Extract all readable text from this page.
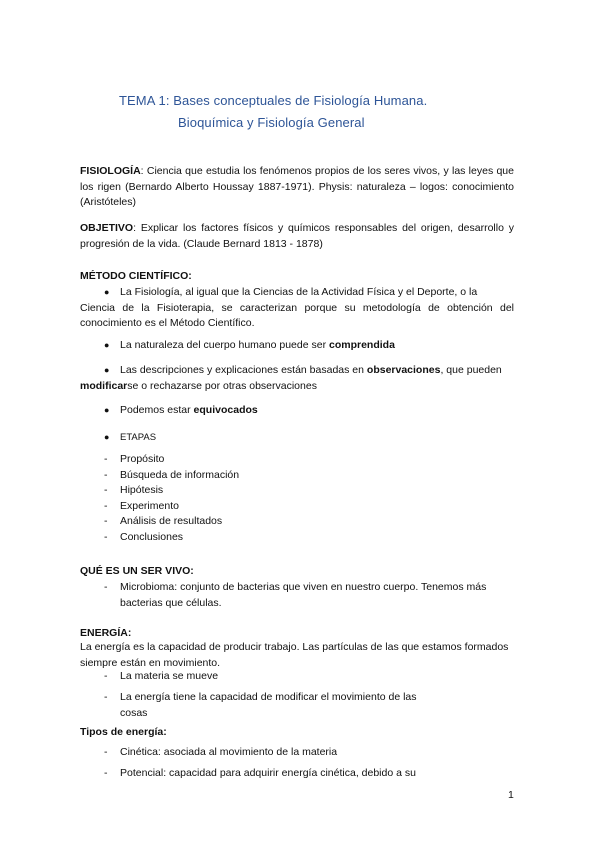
TEMA 1: Bases conceptuales de Fisiología Humana.
Bioquímica y Fisiología General
FISIOLOGÍA: Ciencia que estudia los fenómenos propios de los seres vivos, y las leyes que los rigen (Bernardo Alberto Houssay 1887-1971). Physis: naturaleza – logos: conocimiento (Aristóteles)
OBJETIVO: Explicar los factores físicos y químicos responsables del origen, desarrollo y progresión de la vida. (Claude Bernard 1813 - 1878)
MÉTODO CIENTÍFICO:
● La Fisiología, al igual que la Ciencias de la Actividad Física y el Deporte, o la
Ciencia de la Fisioterapia, se caracterizan porque su metodología de obtención del conocimiento es el Método Científico.
● La naturaleza del cuerpo humano puede ser comprendida
● Las descripciones y explicaciones están basadas en observaciones, que pueden
modificarse o rechazarse por otras observaciones
● Podemos estar equivocados
● ETAPAS
- Propósito
- Búsqueda de información
- Hipótesis
- Experimento
- Análisis de resultados
- Conclusiones
QUÉ ES UN SER VIVO:
- Microbioma: conjunto de bacterias que viven en nuestro cuerpo. Tenemos más bacterias que células.
ENERGÍA:
La energía es la capacidad de producir trabajo. Las partículas de las que estamos formados siempre están en movimiento.
- La materia se mueve
- La energía tiene la capacidad de modificar el movimiento de las
cosas
Tipos de energía:
- Cinética: asociada al movimiento de la materia
- Potencial: capacidad para adquirir energía cinética, debido a su
1
